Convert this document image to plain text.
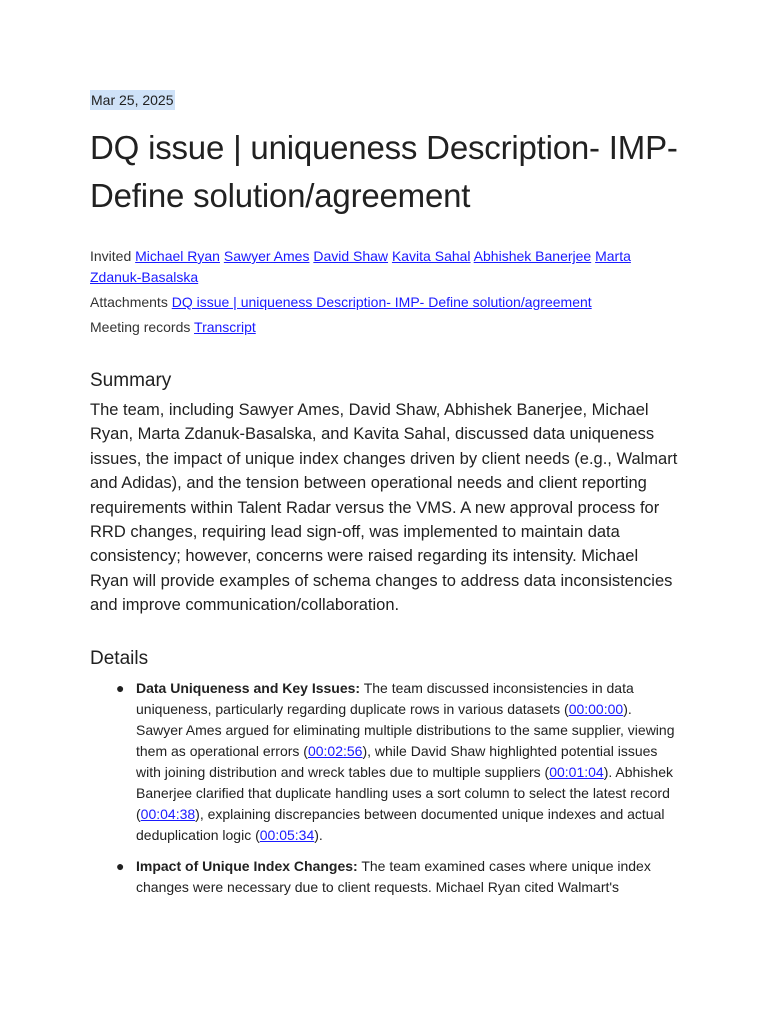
Mar 25, 2025
DQ issue | uniqueness Description- IMP- Define solution/agreement
Invited Michael Ryan Sawyer Ames David Shaw Kavita Sahal Abhishek Banerjee Marta Zdanuk-Basalska
Attachments DQ issue | uniqueness Description- IMP- Define solution/agreement
Meeting records Transcript
Summary
The team, including Sawyer Ames, David Shaw, Abhishek Banerjee, Michael Ryan, Marta Zdanuk-Basalska, and Kavita Sahal, discussed data uniqueness issues, the impact of unique index changes driven by client needs (e.g., Walmart and Adidas), and the tension between operational needs and client reporting requirements within Talent Radar versus the VMS. A new approval process for RRD changes, requiring lead sign-off, was implemented to maintain data consistency; however, concerns were raised regarding its intensity. Michael Ryan will provide examples of schema changes to address data inconsistencies and improve communication/collaboration.
Details
● Data Uniqueness and Key Issues: The team discussed inconsistencies in data uniqueness, particularly regarding duplicate rows in various datasets (00:00:00). Sawyer Ames argued for eliminating multiple distributions to the same supplier, viewing them as operational errors (00:02:56), while David Shaw highlighted potential issues with joining distribution and wreck tables due to multiple suppliers (00:01:04). Abhishek Banerjee clarified that duplicate handling uses a sort column to select the latest record (00:04:38), explaining discrepancies between documented unique indexes and actual deduplication logic (00:05:34).
● Impact of Unique Index Changes: The team examined cases where unique index changes were necessary due to client requests. Michael Ryan cited Walmart's
